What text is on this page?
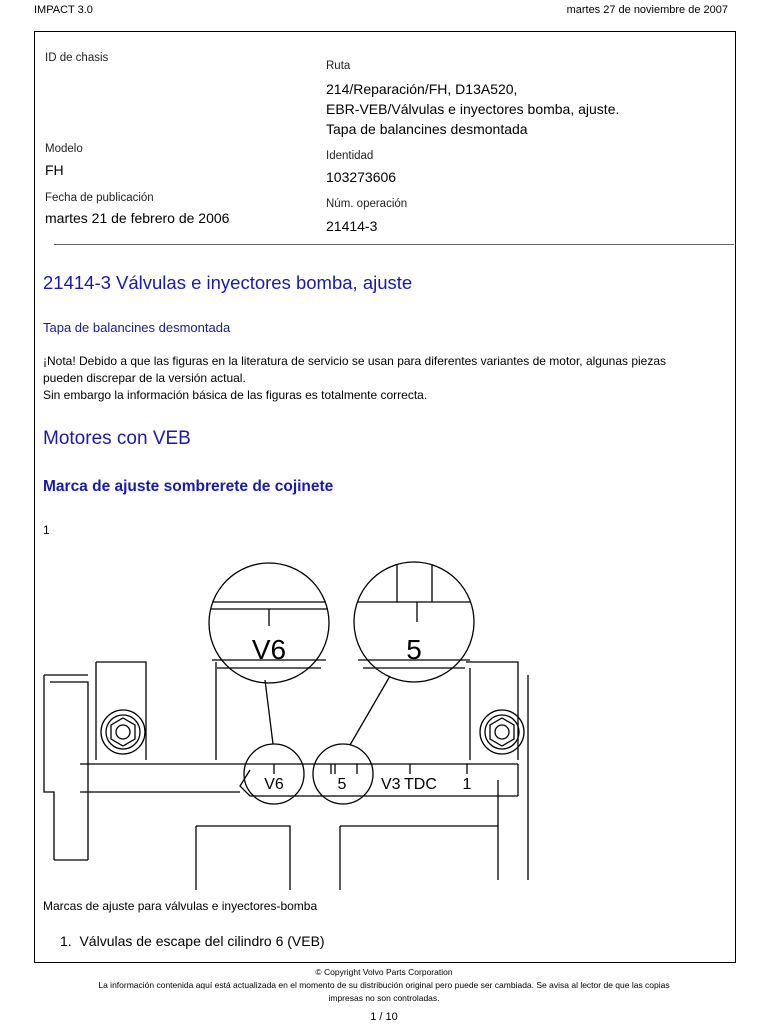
IMPACT 3.0	martes 27 de noviembre de 2007
ID de chasis
Modelo
FH
Fecha de publicación
martes 21 de febrero de 2006
Ruta
214/Reparación/FH, D13A520,
EBR-VEB/Válvulas e inyectores bomba, ajuste.
Tapa de balancines desmontada
Identidad
103273606
Núm. operación
21414-3
21414-3 Válvulas e inyectores bomba, ajuste
Tapa de balancines desmontada
¡Nota! Debido a que las figuras en la literatura de servicio se usan para diferentes variantes de motor, algunas piezas
pueden discrepar de la versión actual.
Sin embargo la información básica de las figuras es totalmente correcta.
Motores con VEB
Marca de ajuste sombrerete de cojinete
1
V6	5
V6	5 V3 TDC 1
Marcas de ajuste para válvulas e inyectores-bomba
1.  Válvulas de escape del cilindro 6 (VEB)
© Copyright Volvo Parts Corporation
La información contenida aquí está actualizada en el momento de su distribución original pero puede ser cambiada. Se avisa al lector de que las copias
impresas no son controladas.
1 / 10
